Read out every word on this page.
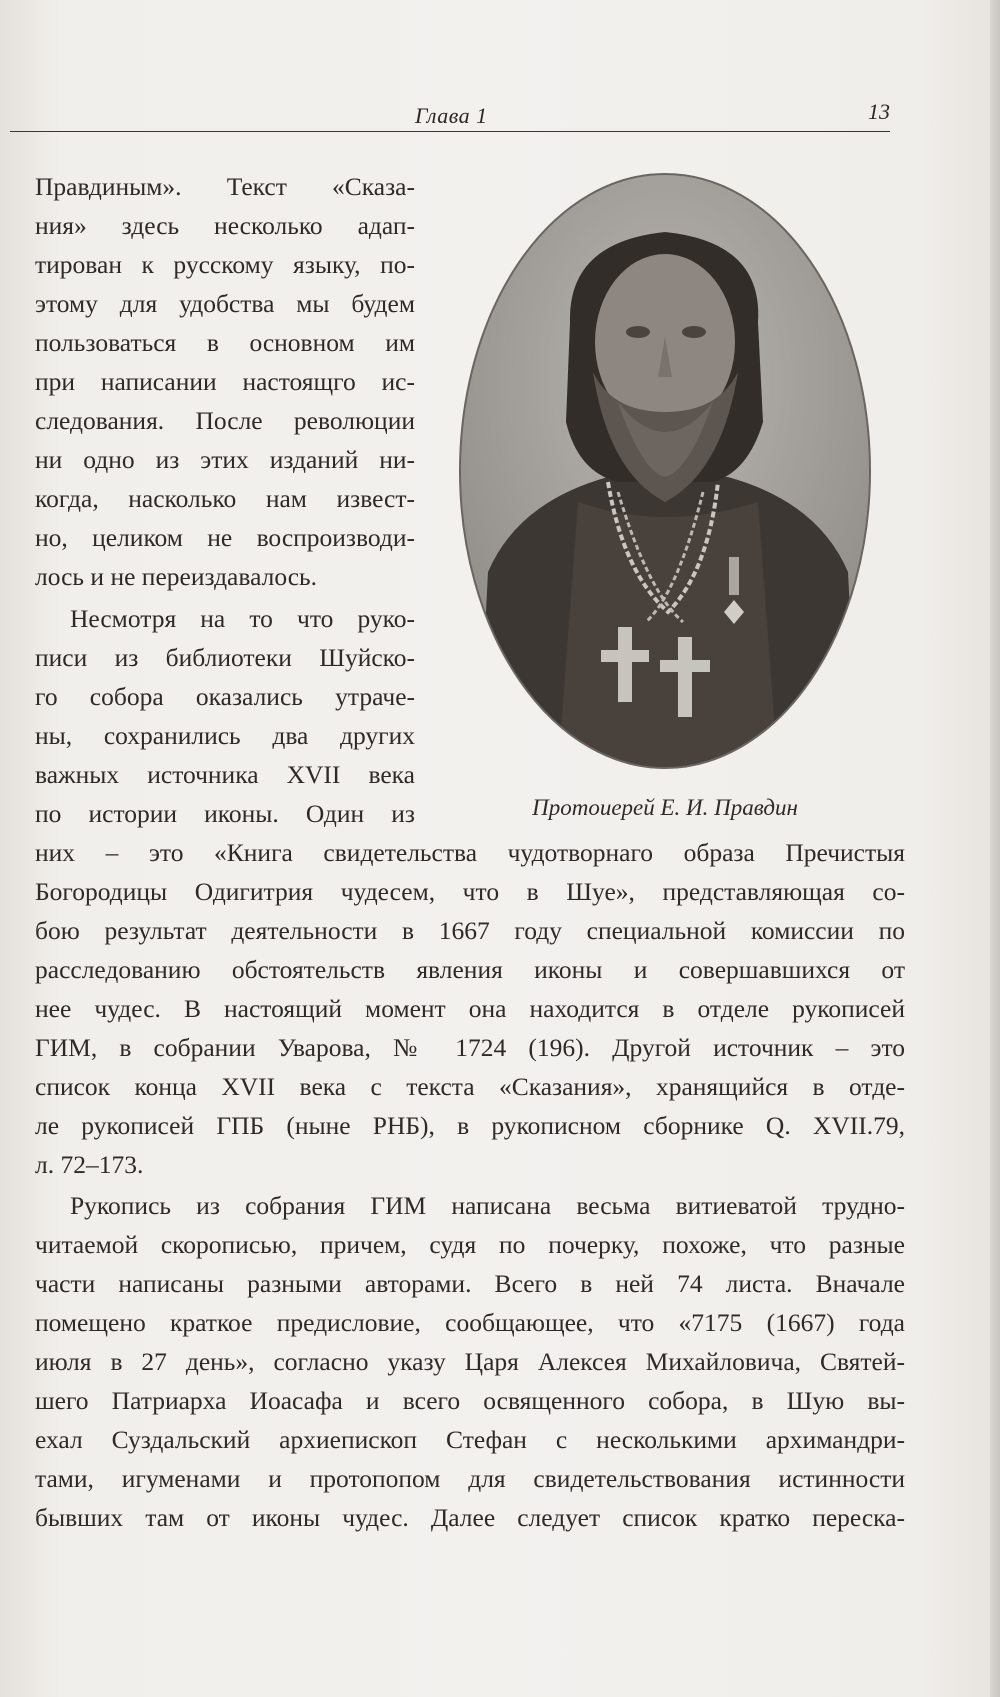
Глава 1	13
Правдиным». Текст «Сказа-
ния» здесь несколько адап-
тирован к русскому языку, по-
этому для удобства мы будем
пользоваться в основном им
при написании настоящго ис-
следования. После революции
ни одно из этих изданий ни-
когда, насколько нам извест-
но, целиком не воспроизводи-
лось и не переиздавалось.
Несмотря на то что руко-
писи из библиотеки Шуйско-
го собора оказались утраче-
ны, сохранились два других
важных источника XVII века
по истории иконы. Один из	Протоиерей Е. И. Правдин
них – это «Книга свидетельства чудотворнаго образа Пречистыя
Богородицы Одигитрия чудесем, что в Шуе», представляющая со-
бою результат деятельности в 1667 году специальной комиссии по
расследованию обстоятельств явления иконы и совершавшихся от
нее чудес. В настоящий момент она находится в отделе рукописей
ГИМ, в собрании Уварова, № 1724 (196). Другой источник – это
список конца XVII века с текста «Сказания», хранящийся в отде-
ле рукописей ГПБ (ныне РНБ), в рукописном сборнике Q. XVII.79,
л. 72–173.
Рукопись из собрания ГИМ написана весьма витиеватой трудно-
читаемой скорописью, причем, судя по почерку, похоже, что разные
части написаны разными авторами. Всего в ней 74 листа. Вначале
помещено краткое предисловие, сообщающее, что «7175 (1667) года
июля в 27 день», согласно указу Царя Алексея Михайловича, Святей-
шего Патриарха Иоасафа и всего освященного собора, в Шую вы-
ехал Суздальский архиепископ Стефан с несколькими архимандри-
тами, игуменами и протопопом для свидетельствования истинности
бывших там от иконы чудес. Далее следует список кратко переска-
